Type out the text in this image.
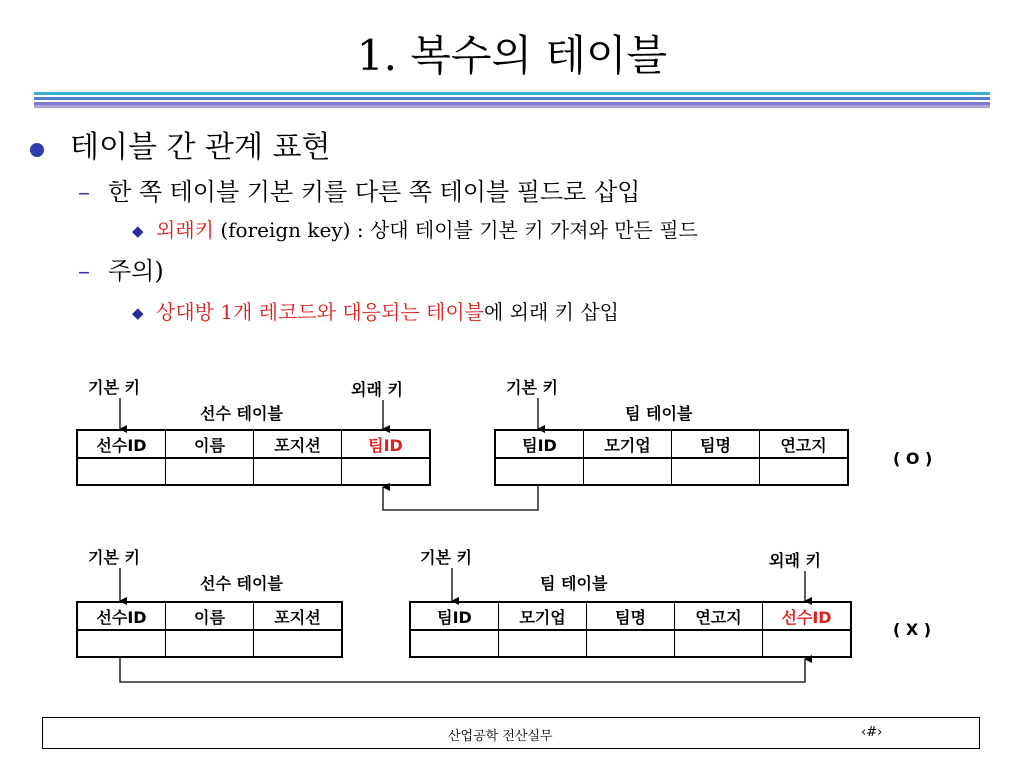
1. 복수의 테이블
테이블 간 관계 표현
– 한 쪽 테이블 기본 키를 다른 쪽 테이블 필드로 삽입
◆ 외래키 (foreign key) : 상대 테이블 기본 키 가져와 만든 필드
– 주의)
◆ 상대방 1개 레코드와 대응되는 테이블에 외래 키 삽입
기본 키	외래 키	기본 키
선수 테이블	팀 테이블
선수ID	이름	포지션	팀ID
				팀ID	모기업	팀명	연고지

( O )
기본 키	기본 키	외래 키
선수 테이블	팀 테이블
선수ID	이름	포지션
			팀ID	모기업	팀명	연고지	선수ID

( X )
산업공학 전산실무	‹#›
